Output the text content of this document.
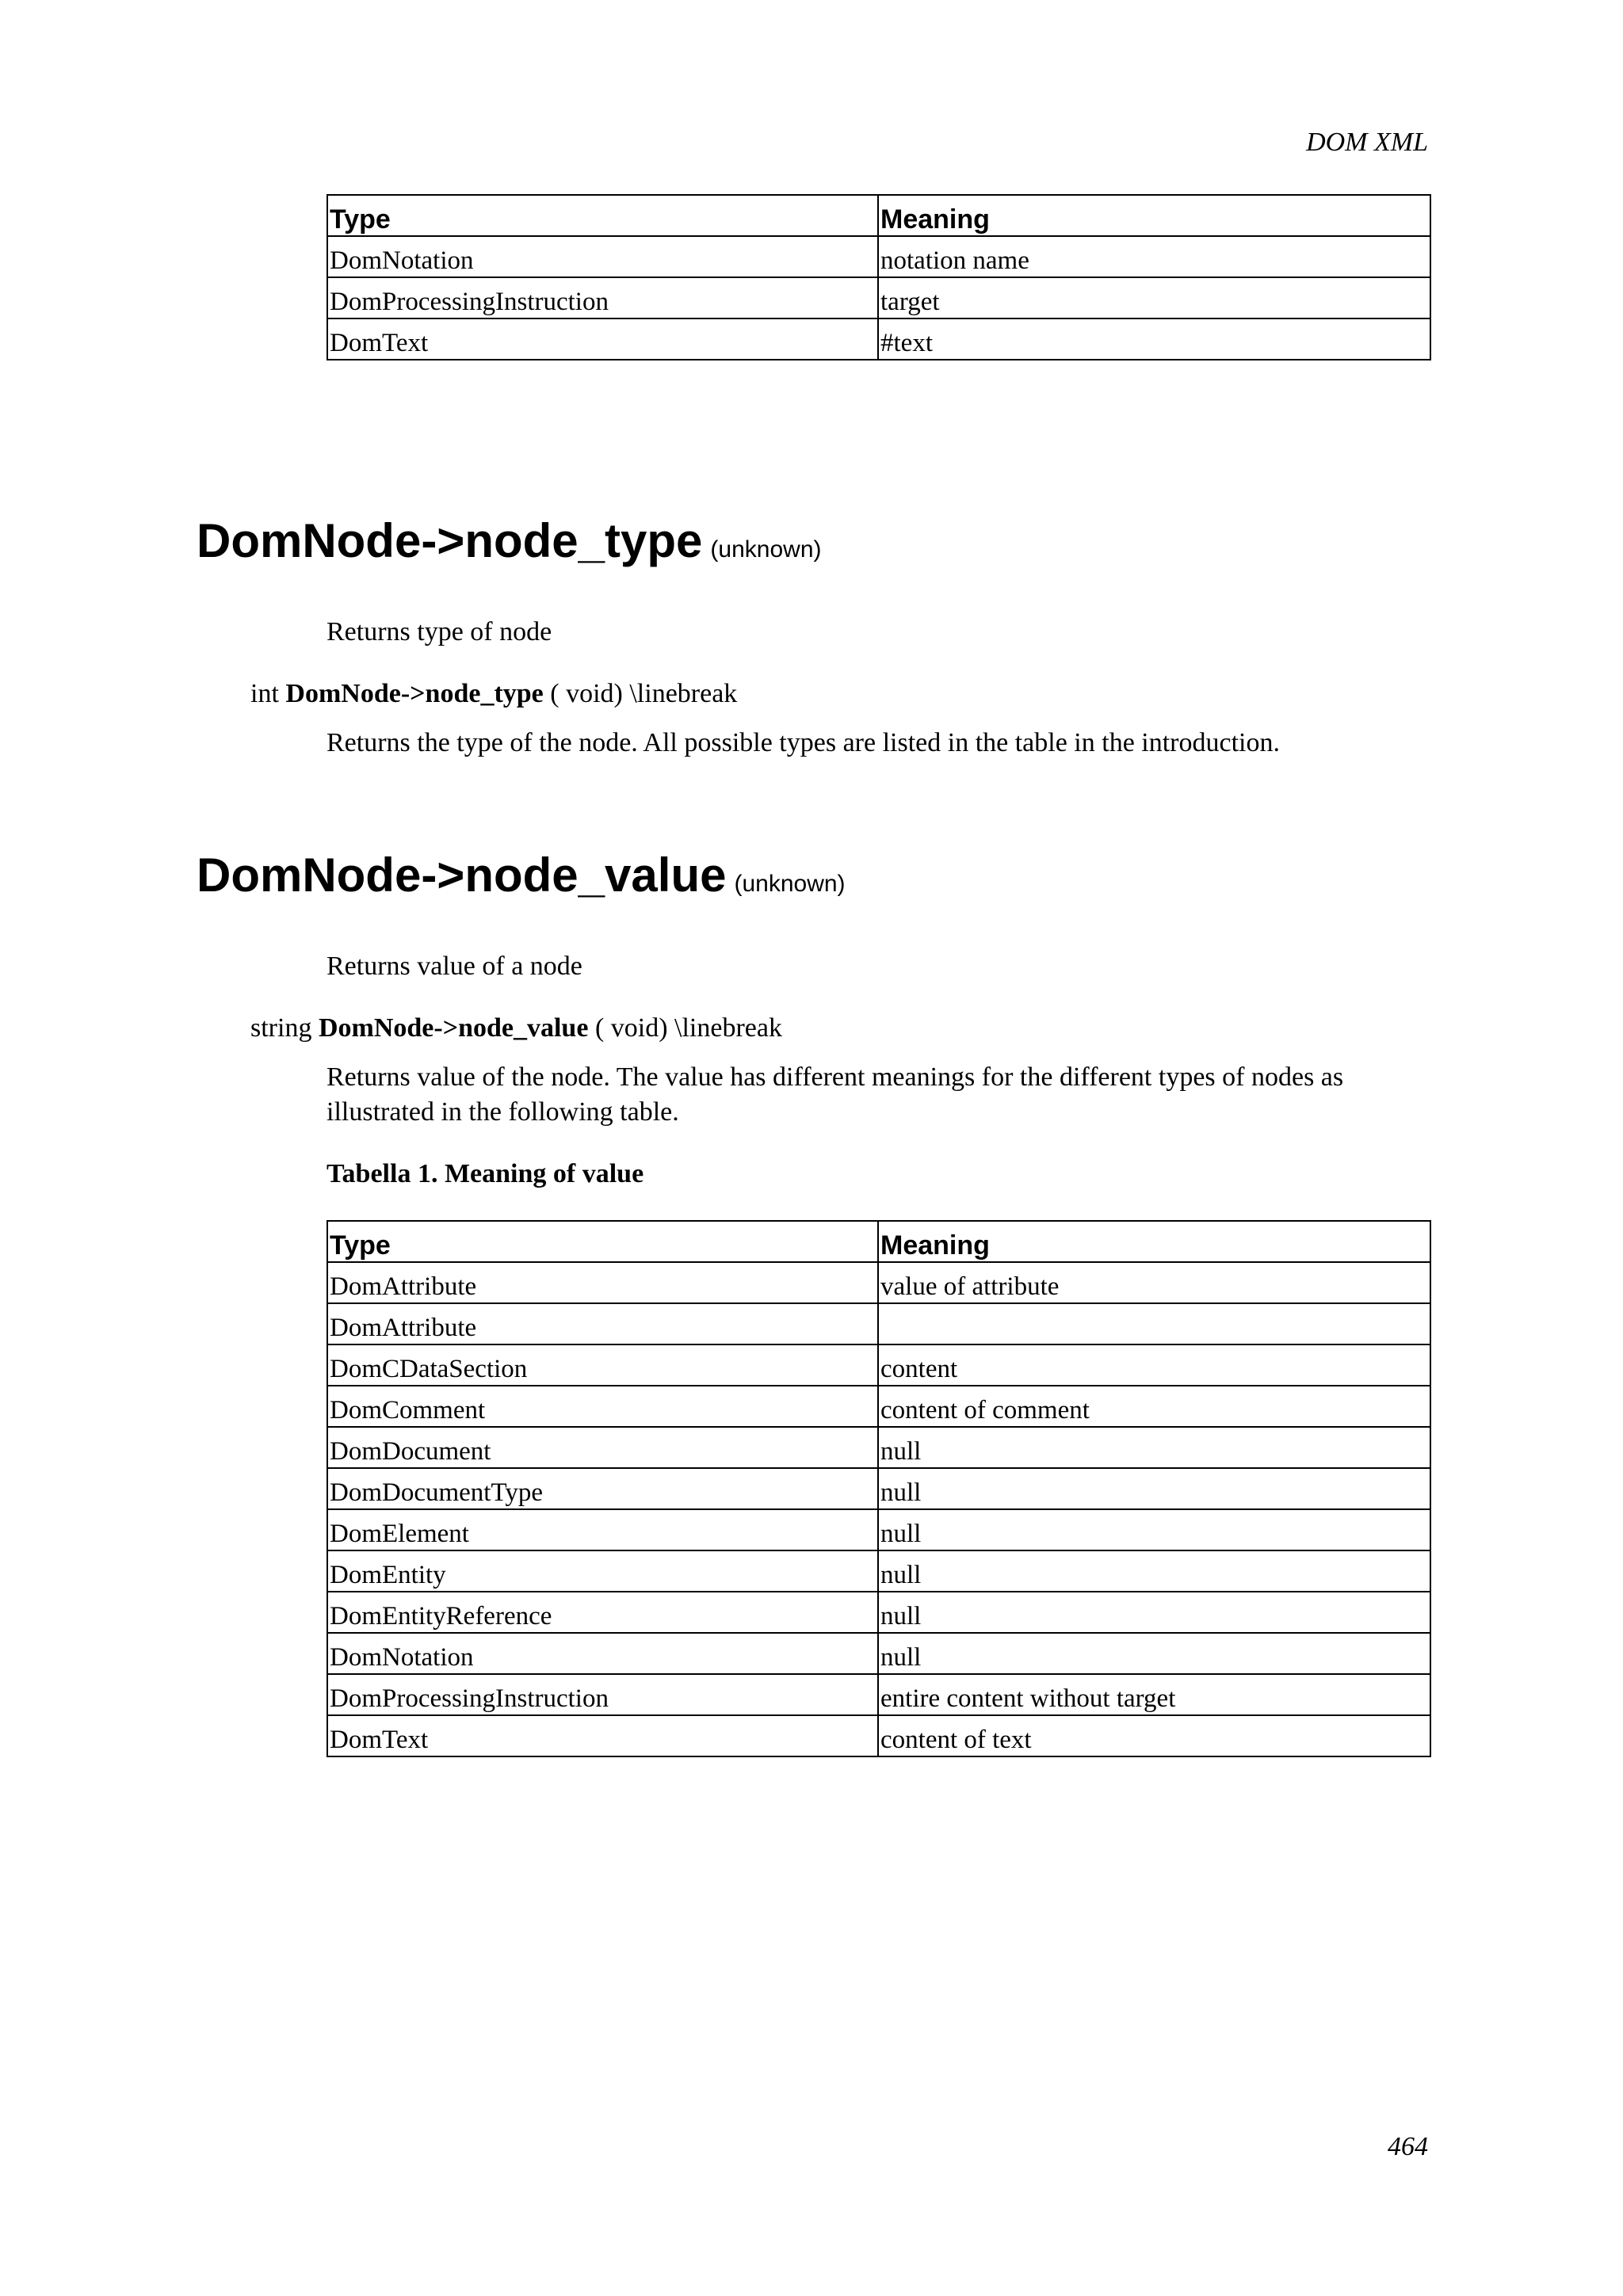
DOM XML
Type	Meaning
DomNotation	notation name
DomProcessingInstruction	target
DomText	#text
DomNode->node_type (unknown)
Returns type of node
int DomNode->node_type ( void) \linebreak
Returns the type of the node. All possible types are listed in the table in the introduction.
DomNode->node_value (unknown)
Returns value of a node
string DomNode->node_value ( void) \linebreak
Returns value of the node. The value has different meanings for the different types of nodes as illustrated in the following table.
Tabella 1. Meaning of value
Type	Meaning
DomAttribute	value of attribute
DomAttribute	
DomCDataSection	content
DomComment	content of comment
DomDocument	null
DomDocumentType	null
DomElement	null
DomEntity	null
DomEntityReference	null
DomNotation	null
DomProcessingInstruction	entire content without target
DomText	content of text
464
